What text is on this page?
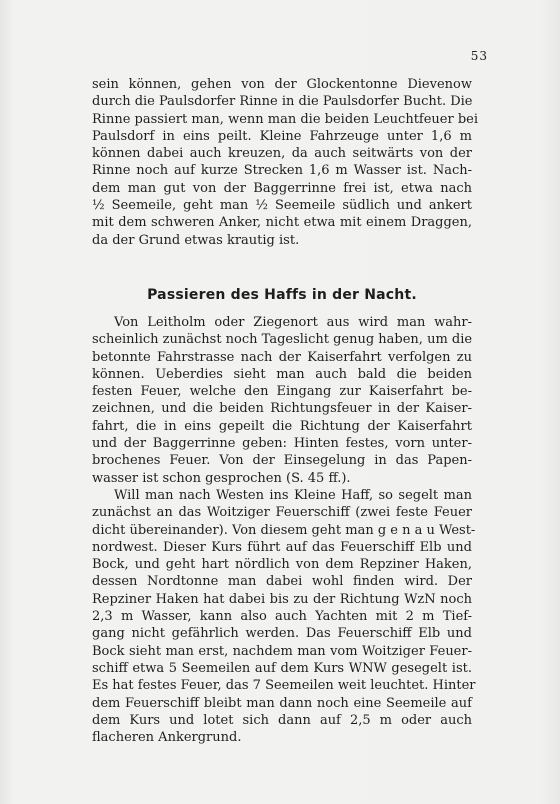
53
sein können, gehen von der Glockentonne Dievenow
durch die Paulsdorfer Rinne in die Paulsdorfer Bucht. Die
Rinne passiert man, wenn man die beiden Leuchtfeuer bei
Paulsdorf in eins peilt. Kleine Fahrzeuge unter 1,6 m
können dabei auch kreuzen, da auch seitwärts von der
Rinne noch auf kurze Strecken 1,6 m Wasser ist. Nach-
dem man gut von der Baggerrinne frei ist, etwa nach
½ Seemeile, geht man ½ Seemeile südlich und ankert
mit dem schweren Anker, nicht etwa mit einem Draggen,
da der Grund etwas krautig ist.
Passieren des Haffs in der Nacht.
Von Leitholm oder Ziegenort aus wird man wahr-
scheinlich zunächst noch Tageslicht genug haben, um die
betonnte Fahrstrasse nach der Kaiserfahrt verfolgen zu
können. Ueberdies sieht man auch bald die beiden
festen Feuer, welche den Eingang zur Kaiserfahrt be-
zeichnen, und die beiden Richtungsfeuer in der Kaiser-
fahrt, die in eins gepeilt die Richtung der Kaiserfahrt
und der Baggerrinne geben: Hinten festes, vorn unter-
brochenes Feuer. Von der Einsegelung in das Papen-
wasser ist schon gesprochen (S. 45 ff.).
Will man nach Westen ins Kleine Haff, so segelt man
zunächst an das Woitziger Feuerschiff (zwei feste Feuer
dicht übereinander). Von diesem geht man g e n a u West-
nordwest. Dieser Kurs führt auf das Feuerschiff Elb und
Bock, und geht hart nördlich von dem Repziner Haken,
dessen Nordtonne man dabei wohl finden wird. Der
Repziner Haken hat dabei bis zu der Richtung WzN noch
2,3 m Wasser, kann also auch Yachten mit 2 m Tief-
gang nicht gefährlich werden. Das Feuerschiff Elb und
Bock sieht man erst, nachdem man vom Woitziger Feuer-
schiff etwa 5 Seemeilen auf dem Kurs WNW gesegelt ist.
Es hat festes Feuer, das 7 Seemeilen weit leuchtet. Hinter
dem Feuerschiff bleibt man dann noch eine Seemeile auf
dem Kurs und lotet sich dann auf 2,5 m oder auch
flacheren Ankergrund.
